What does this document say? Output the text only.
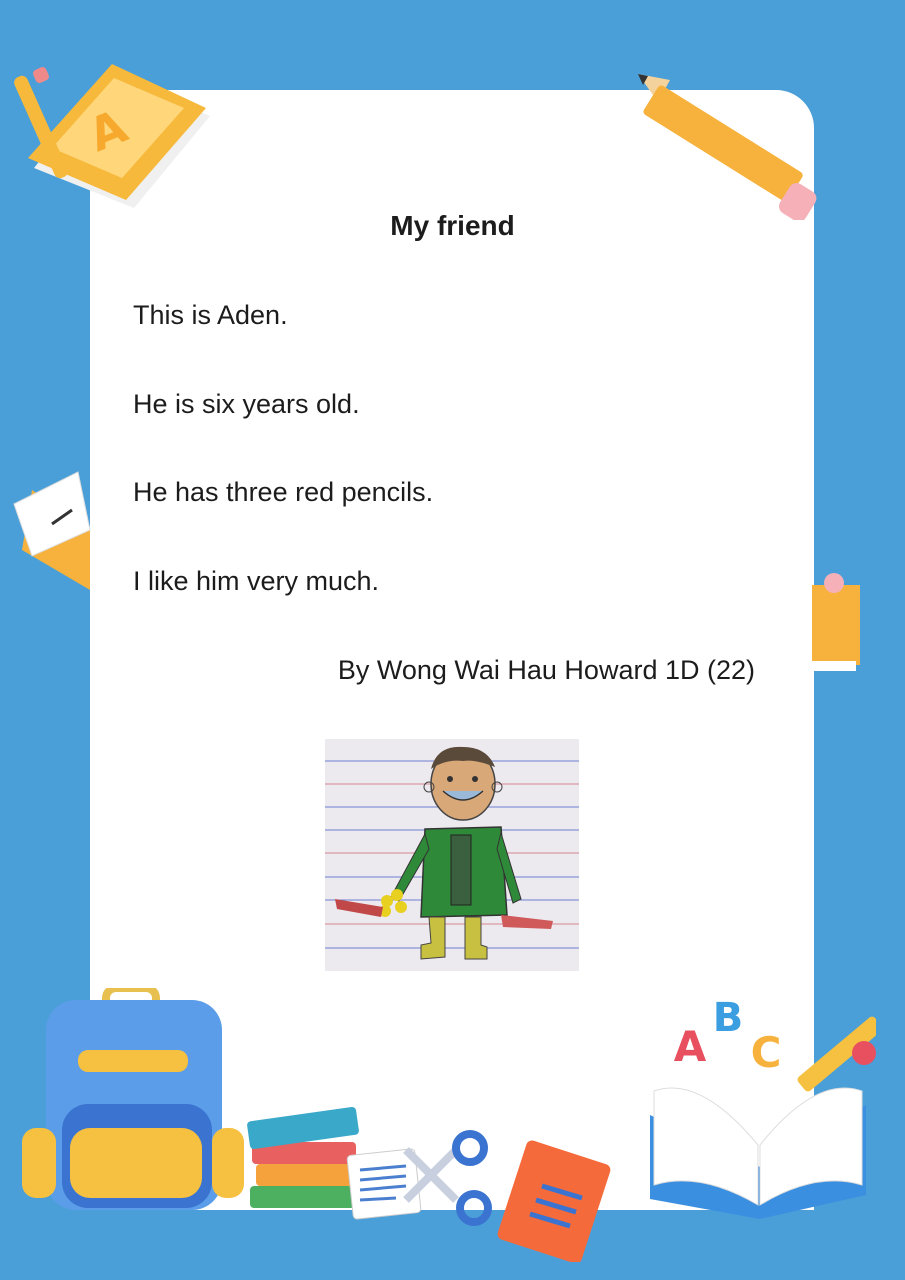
My friend
This is Aden.
He is six years old.
He has three red pencils.
I like him very much.
By Wong Wai Hau Howard 1D (22)
A
A
B
C
